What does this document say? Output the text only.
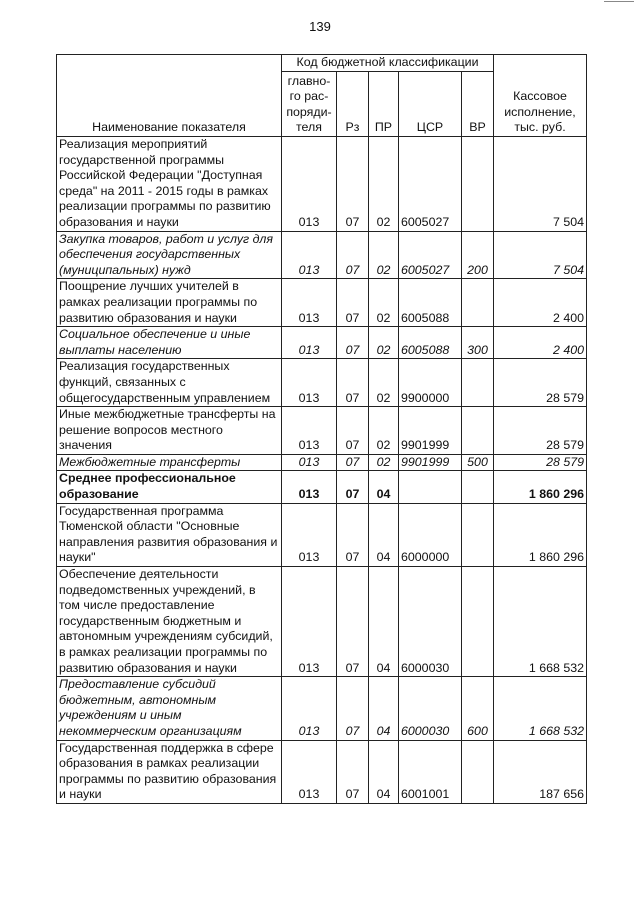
139
Наименование показателя	Код бюджетной классификации					Кассовое исполнение, тыс. руб.
	главно-го рас-поряди-теля	Рз	ПР	ЦСР	ВР	
Реализация мероприятий государственной программы Российской Федерации "Доступная среда" на 2011 - 2015 годы в рамках реализации программы по развитию образования и науки	013	07	02	6005027		7 504
Закупка товаров, работ и услуг для обеспечения государственных (муниципальных) нужд	013	07	02	6005027	200	7 504
Поощрение лучших учителей в рамках реализации программы по развитию образования и науки	013	07	02	6005088		2 400
Социальное обеспечение и иные выплаты населению	013	07	02	6005088	300	2 400
Реализация государственных функций, связанных с общегосударственным управлением	013	07	02	9900000		28 579
Иные межбюджетные трансферты на решение вопросов местного значения	013	07	02	9901999		28 579
Межбюджетные трансферты	013	07	02	9901999	500	28 579
Среднее профессиональное образование	013	07	04			1 860 296
Государственная программа Тюменской области "Основные направления развития образования и науки"	013	07	04	6000000		1 860 296
Обеспечение деятельности подведомственных учреждений, в том числе предоставление государственным бюджетным и автономным учреждениям субсидий, в рамках реализации программы по развитию образования и науки	013	07	04	6000030		1 668 532
Предоставление субсидий бюджетным, автономным учреждениям и иным некоммерческим организациям	013	07	04	6000030	600	1 668 532
Государственная поддержка в сфере образования в рамках реализации программы по развитию образования и науки	013	07	04	6001001		187 656
